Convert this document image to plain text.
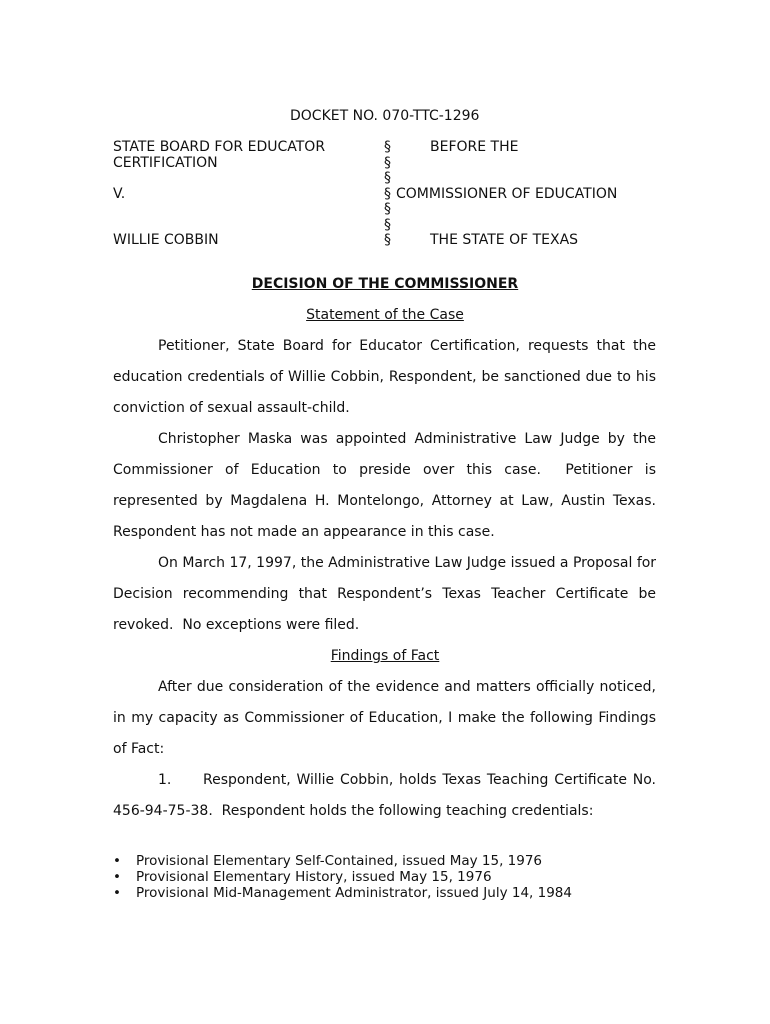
DOCKET NO. 070-TTC-1296
STATE BOARD FOR EDUCATOR
CERTIFICATION
V.
WILLIE COBBIN
§
§
§
§
§
§
§
BEFORE THE
COMMISSIONER OF EDUCATION
THE STATE OF TEXAS
DECISION OF THE COMMISSIONER
Statement of the Case
Petitioner, State Board for Educator Certification, requests that the
education credentials of Willie Cobbin, Respondent, be sanctioned due to his
conviction of sexual assault-child.
Christopher Maska was appointed Administrative Law Judge by the
Commissioner of Education to preside over this case.  Petitioner is
represented by Magdalena H. Montelongo, Attorney at Law, Austin Texas.
Respondent has not made an appearance in this case.
On March 17, 1997, the Administrative Law Judge issued a Proposal for
Decision recommending that Respondent’s Texas Teacher Certificate be
revoked.  No exceptions were filed.
Findings of Fact
After due consideration of the evidence and matters officially noticed,
in my capacity as Commissioner of Education, I make the following Findings
of Fact:
1. Respondent, Willie Cobbin, holds Texas Teaching Certificate No.
456-94-75-38.  Respondent holds the following teaching credentials:
• Provisional Elementary Self-Contained, issued May 15, 1976
• Provisional Elementary History, issued May 15, 1976
• Provisional Mid-Management Administrator, issued July 14, 1984
